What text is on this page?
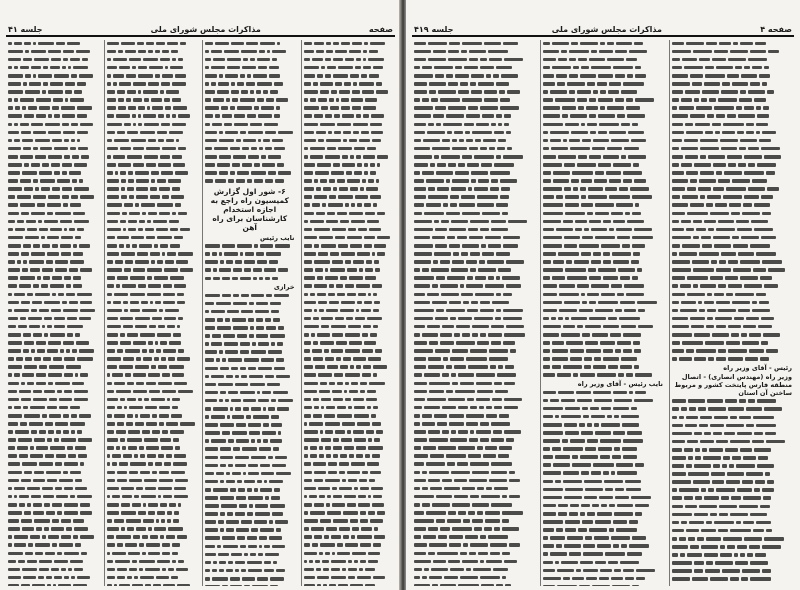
صفحه
مذاکرات مجلس شورای ملی
جلسه ۴۱
۶- شور اول گزارش کمیسیون راه راجع به اجازه استخدام کارشناسان برای راه آهن
نایب رئیس
خرازی
صفحه ۴
مذاکرات مجلس شورای ملی
جلسه ۴۱۹
رئیس - آقای وزیر راه
وزیر راه (مهندس انصاری) - اتصال منطقه فارس پایتخت کشور و مربوط ساختن آن استان
نایب رئیس - آقای وزیر راه
